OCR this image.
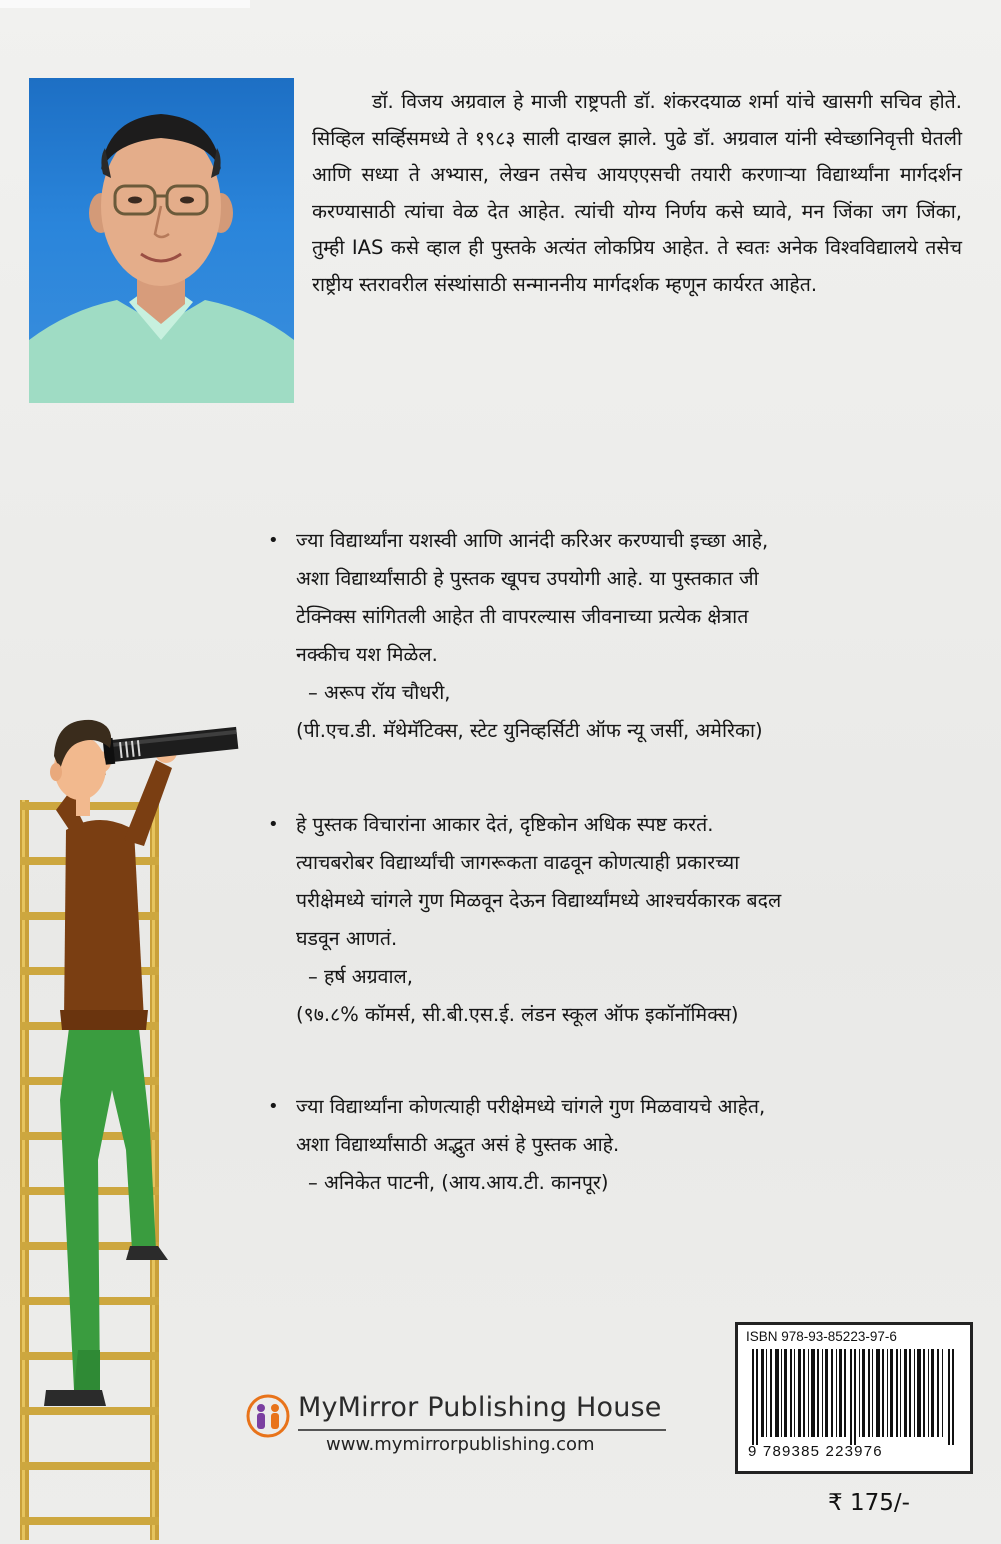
डॉ. विजय अग्रवाल हे माजी राष्ट्रपती डॉ. शंकरदयाळ शर्मा यांचे खासगी सचिव होते. सिव्हिल सर्व्हिसमध्ये ते १९८३ साली दाखल झाले. पुढे डॉ. अग्रवाल यांनी स्वेच्छानिवृत्ती घेतली आणि सध्या ते अभ्यास, लेखन तसेच आयएएसची तयारी करणाऱ्या विद्यार्थ्यांना मार्गदर्शन करण्यासाठी त्यांचा वेळ देत आहेत. त्यांची योग्य निर्णय कसे घ्यावे, मन जिंका जग जिंका, तुम्ही IAS कसे व्हाल ही पुस्तके अत्यंत लोकप्रिय आहेत. ते स्वतः अनेक विश्वविद्यालये तसेच राष्ट्रीय स्तरावरील संस्थांसाठी सन्माननीय मार्गदर्शक म्हणून कार्यरत आहेत.
• ज्या विद्यार्थ्यांना यशस्वी आणि आनंदी करिअर करण्याची इच्छा आहे,

अशा विद्यार्थ्यांसाठी हे पुस्तक खूपच उपयोगी आहे. या पुस्तकात जी

टेक्निक्स सांगितली आहेत ती वापरल्यास जीवनाच्या प्रत्येक क्षेत्रात

नक्कीच यश मिळेल.

– अरूप रॉय चौधरी,

(पी.एच.डी. मॅथेमॅटिक्स, स्टेट युनिव्हर्सिटी ऑफ न्यू जर्सी, अमेरिका)

• हे पुस्तक विचारांना आकार देतं, दृष्टिकोन अधिक स्पष्ट करतं.

त्याचबरोबर विद्यार्थ्यांची जागरूकता वाढवून कोणत्याही प्रकारच्या

परीक्षेमध्ये चांगले गुण मिळवून देऊन विद्यार्थ्यांमध्ये आश्चर्यकारक बदल

घडवून आणतं.

– हर्ष अग्रवाल,

(९७.८% कॉमर्स, सी.बी.एस.ई. लंडन स्कूल ऑफ इकॉनॉमिक्स)

• ज्या विद्यार्थ्यांना कोणत्याही परीक्षेमध्ये चांगले गुण मिळवायचे आहेत,

अशा विद्यार्थ्यांसाठी अद्भुत असं हे पुस्तक आहे.

– अनिकेत पाटनी, (आय.आय.टी. कानपूर)

MyMirror Publishing House
www.mymirrorpublishing.com
ISBN 978-93-85223-97-6
9 789385 223976
₹ 175/-
